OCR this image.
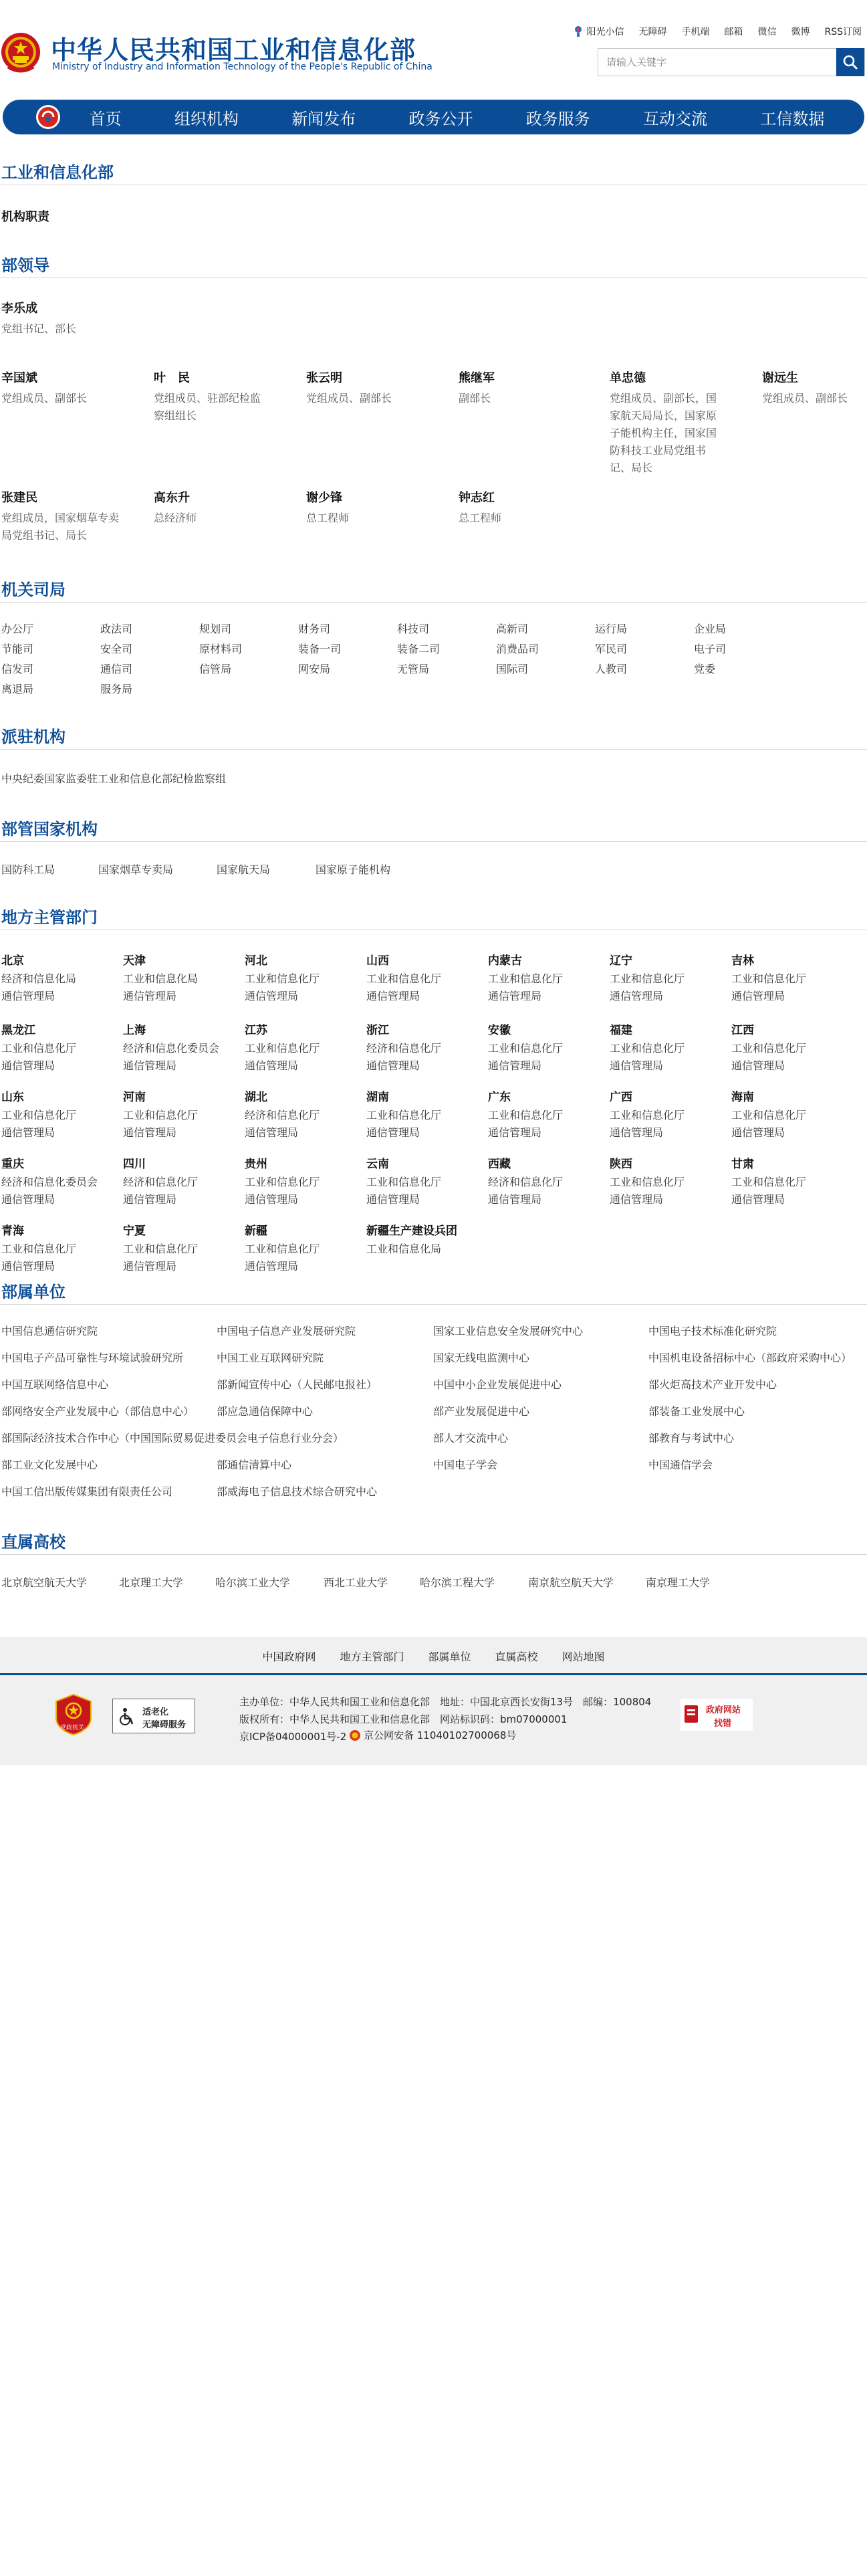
中华人民共和国工业和信息化部
Ministry of Industry and Information Technology of the People's Republic of China
阳光小信 无障碍 手机端 邮箱 微信 微博 RSS订阅
请输入关键字
首页	组织机构	新闻发布	政务公开	政务服务	互动交流	工信数据
工业和信息化部
机构职责
部领导
李乐成
党组书记、部长
辛国斌
党组成员、副部长
叶　民
党组成员、驻部纪检监察组组长
张云明
党组成员、副部长
熊继军
副部长
单忠德
党组成员、副部长，国家航天局局长，国家原子能机构主任，国家国防科技工业局党组书记、局长
谢远生
党组成员、副部长
张建民
党组成员，国家烟草专卖局党组书记、局长
高东升
总经济师
谢少锋
总工程师
钟志红
总工程师
机关司局
办公厅	政法司	规划司	财务司	科技司	高新司	运行局	企业局
节能司	安全司	原材料司	装备一司	装备二司	消费品司	军民司	电子司
信发司	通信司	信管局	网安局	无管局	国际司	人教司	党委
离退局	服务局
派驻机构
中央纪委国家监委驻工业和信息化部纪检监察组
部管国家机构
国防科工局	国家烟草专卖局	国家航天局	国家原子能机构
地方主管部门
北京
经济和信息化局
通信管理局
天津
工业和信息化局
通信管理局
河北
工业和信息化厅
通信管理局
山西
工业和信息化厅
通信管理局
内蒙古
工业和信息化厅
通信管理局
辽宁
工业和信息化厅
通信管理局
吉林
工业和信息化厅
通信管理局
黑龙江
工业和信息化厅
通信管理局
上海
经济和信息化委员会
通信管理局
江苏
工业和信息化厅
通信管理局
浙江
经济和信息化厅
通信管理局
安徽
工业和信息化厅
通信管理局
福建
工业和信息化厅
通信管理局
江西
工业和信息化厅
通信管理局
山东
工业和信息化厅
通信管理局
河南
工业和信息化厅
通信管理局
湖北
经济和信息化厅
通信管理局
湖南
工业和信息化厅
通信管理局
广东
工业和信息化厅
通信管理局
广西
工业和信息化厅
通信管理局
海南
工业和信息化厅
通信管理局
重庆
经济和信息化委员会
通信管理局
四川
经济和信息化厅
通信管理局
贵州
工业和信息化厅
通信管理局
云南
工业和信息化厅
通信管理局
西藏
经济和信息化厅
通信管理局
陕西
工业和信息化厅
通信管理局
甘肃
工业和信息化厅
通信管理局
青海
工业和信息化厅
通信管理局
宁夏
工业和信息化厅
通信管理局
新疆
工业和信息化厅
通信管理局
新疆生产建设兵团
工业和信息化局
部属单位
中国信息通信研究院	中国电子信息产业发展研究院	国家工业信息安全发展研究中心	中国电子技术标准化研究院
中国电子产品可靠性与环境试验研究所	中国工业互联网研究院	国家无线电监测中心	中国机电设备招标中心（部政府采购中心）
中国互联网络信息中心	部新闻宣传中心（人民邮电报社）	中国中小企业发展促进中心	部火炬高技术产业开发中心
部网络安全产业发展中心（部信息中心） 部应急通信保障中心	部产业发展促进中心	部装备工业发展中心
部国际经济技术合作中心（中国国际贸易促进委员会电子信息行业分会）	部人才交流中心	部教育与考试中心
部工业文化发展中心	部通信清算中心	中国电子学会	中国通信学会
中国工信出版传媒集团有限责任公司	部威海电子信息技术综合研究中心
直属高校
北京航空航天大学	北京理工大学	哈尔滨工业大学	西北工业大学	哈尔滨工程大学	南京航空航天大学	南京理工大学
中国政府网 地方主管部门 部属单位 直属高校 网站地图
党政机关
适老化
无障碍服务
主办单位：中华人民共和国工业和信息化部　地址：中国北京西长安街13号　邮编：100804
版权所有：中华人民共和国工业和信息化部　网站标识码：bm07000001
京ICP备04000001号-2 京公网安备 11040102700068号
政府网站
找错
